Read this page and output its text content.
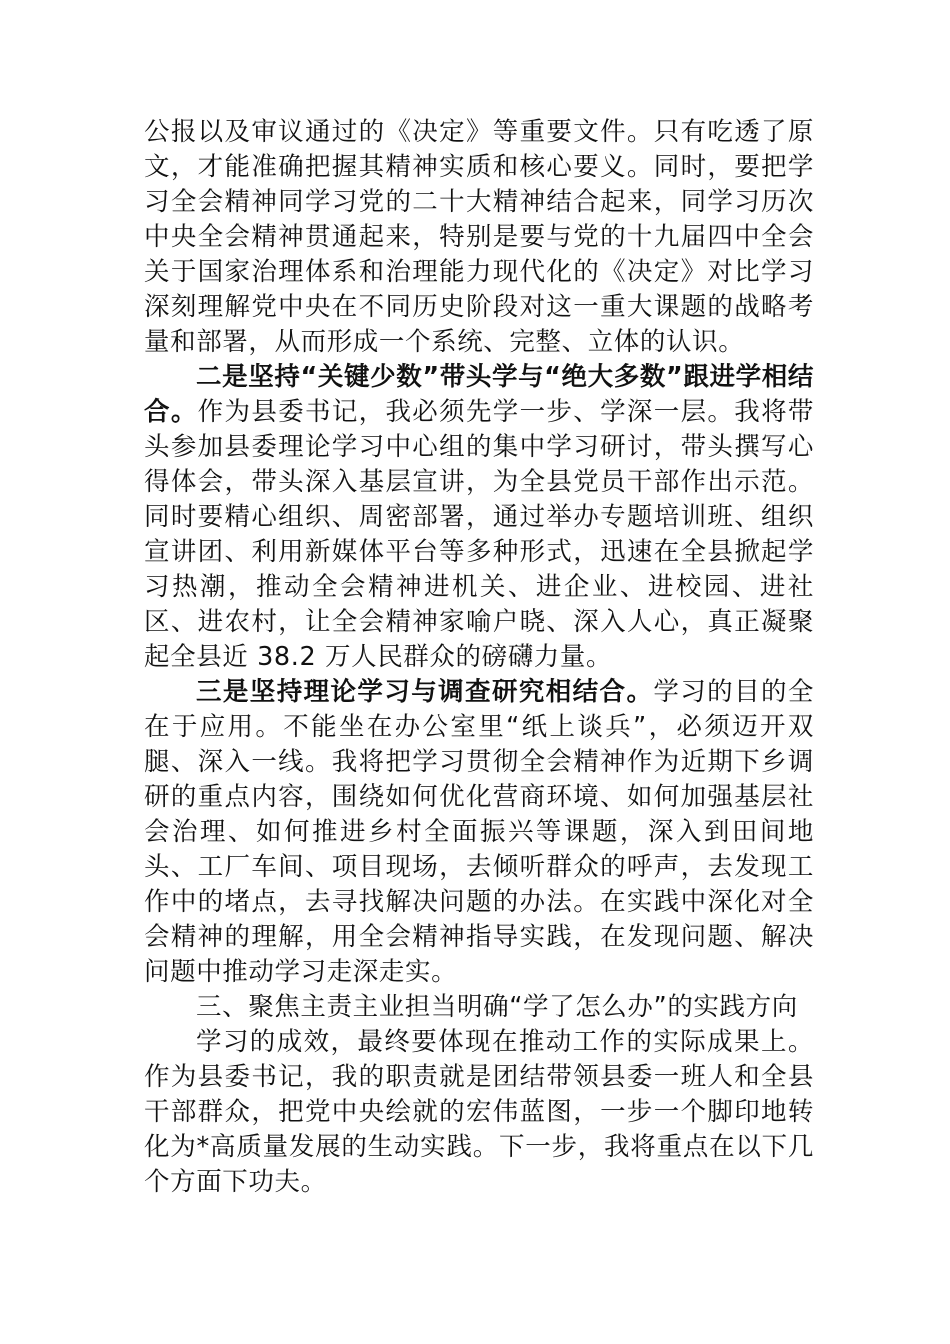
公报以及审议通过的《决定》等重要文件。只有吃透了原文，才能准确把握其精神实质和核心要义。同时，要把学习全会精神同学习党的二十大精神结合起来，同学习历次中央全会精神贯通起来，特别是要与党的十九届四中全会关于国家治理体系和治理能力现代化的《决定》对比学习深刻理解党中央在不同历史阶段对这一重大课题的战略考量和部署，从而形成一个系统、完整、立体的认识。

二是坚持“关键少数”带头学与“绝大多数”跟进学相结合。作为县委书记，我必须先学一步、学深一层。我将带头参加县委理论学习中心组的集中学习研讨，带头撰写心得体会，带头深入基层宣讲，为全县党员干部作出示范。同时要精心组织、周密部署，通过举办专题培训班、组织宣讲团、利用新媒体平台等多种形式，迅速在全县掀起学习热潮，推动全会精神进机关、进企业、进校园、进社区、进农村，让全会精神家喻户晓、深入人心，真正凝聚起全县近 38.2 万人民群众的磅礴力量。

三是坚持理论学习与调查研究相结合。学习的目的全在于应用。不能坐在办公室里“纸上谈兵”，必须迈开双腿、深入一线。我将把学习贯彻全会精神作为近期下乡调研的重点内容，围绕如何优化营商环境、如何加强基层社会治理、如何推进乡村全面振兴等课题，深入到田间地头、工厂车间、项目现场，去倾听群众的呼声，去发现工作中的堵点，去寻找解决问题的办法。在实践中深化对全会精神的理解，用全会精神指导实践，在发现问题、解决问题中推动学习走深走实。

三、聚焦主责主业担当明确“学了怎么办”的实践方向

学习的成效，最终要体现在推动工作的实际成果上。作为县委书记，我的职责就是团结带领县委一班人和全县干部群众，把党中央绘就的宏伟蓝图，一步一个脚印地转化为*高质量发展的生动实践。下一步，我将重点在以下几个方面下功夫。
